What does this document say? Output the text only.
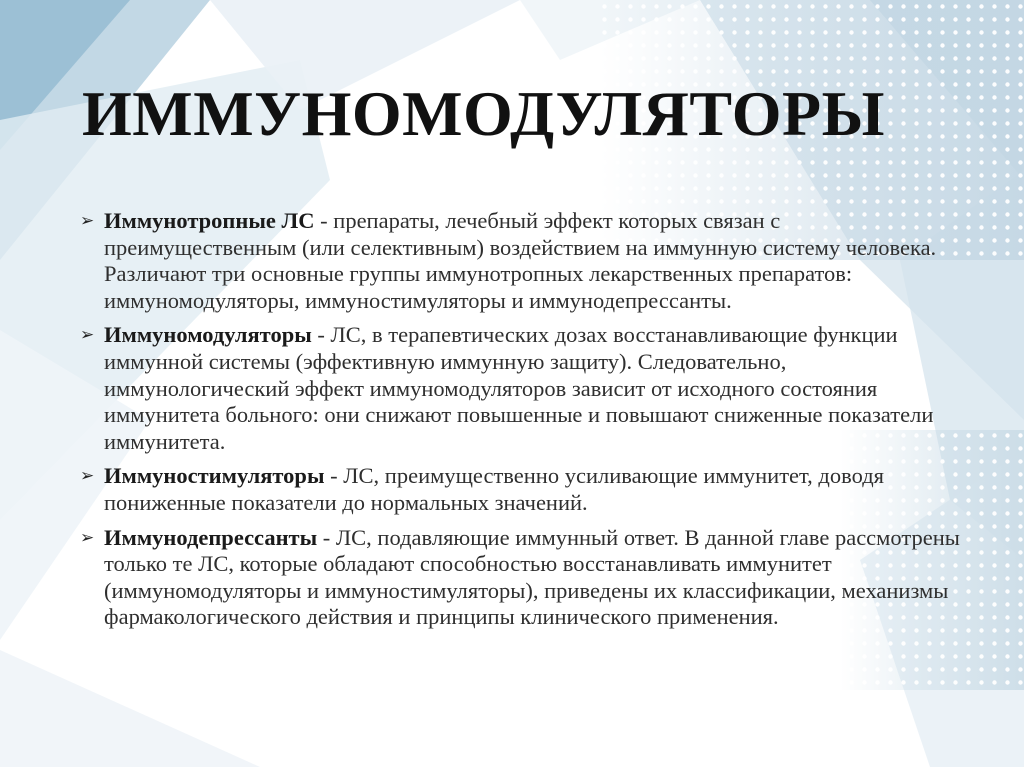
ИММУНОМОДУЛЯТОРЫ
➢ Иммунотропные ЛС - препараты, лечебный эффект которых связан с преимущественным (или селективным) воздействием на иммунную систему человека. Различают три основные группы иммунотропных лекарственных препаратов: иммуномодуляторы, иммуностимуляторы и иммунодепрессанты.
➢ Иммуномодуляторы - ЛС, в терапевтических дозах восстанавливающие функции иммунной системы (эффективную иммунную защиту). Следовательно, иммунологический эффект иммуномодуляторов зависит от исходного состояния иммунитета больного: они снижают повышенные и повышают сниженные показатели иммунитета.
➢ Иммуностимуляторы - ЛС, преимущественно усиливающие иммунитет, доводя пониженные показатели до нормальных значений.
➢ Иммунодепрессанты - ЛС, подавляющие иммунный ответ. В данной главе рассмотрены только те ЛС, которые обладают способностью восстанавливать иммунитет (иммуномодуляторы и иммуностимуляторы), приведены их классификации, механизмы фармакологического действия и принципы клинического применения.
